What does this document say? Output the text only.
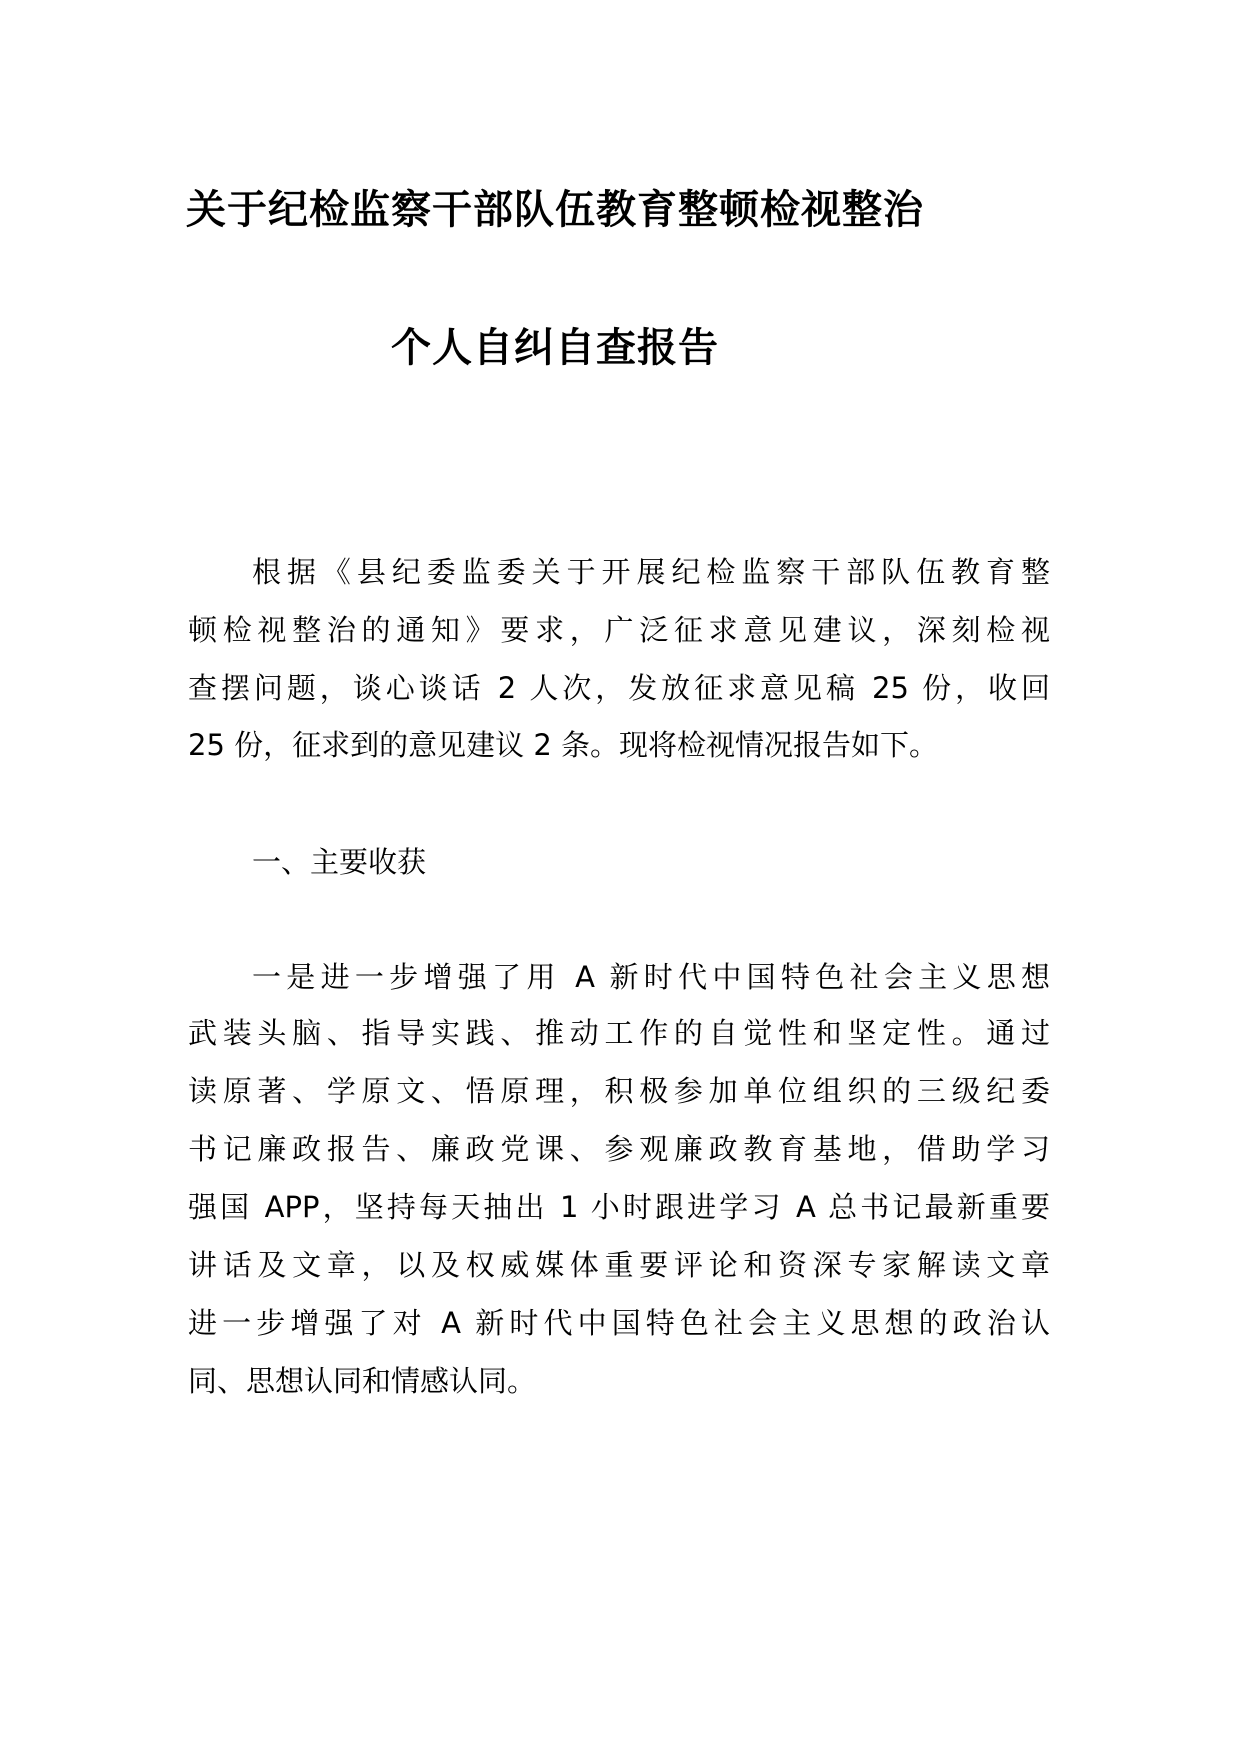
关于纪检监察干部队伍教育整顿检视整治
个人自纠自查报告
根据《县纪委监委关于开展纪检监察干部队伍教育整
顿检视整治的通知》要求，广泛征求意见建议，深刻检视
查摆问题，谈心谈话 2 人次，发放征求意见稿 25 份，收回
25 份，征求到的意见建议 2 条。现将检视情况报告如下。
一、主要收获
一是进一步增强了用 A 新时代中国特色社会主义思想
武装头脑、指导实践、推动工作的自觉性和坚定性。通过
读原著、学原文、悟原理，积极参加单位组织的三级纪委
书记廉政报告、廉政党课、参观廉政教育基地，借助学习
强国 APP，坚持每天抽出 1 小时跟进学习 A 总书记最新重要
讲话及文章，以及权威媒体重要评论和资深专家解读文章
进一步增强了对 A 新时代中国特色社会主义思想的政治认
同、思想认同和情感认同。
